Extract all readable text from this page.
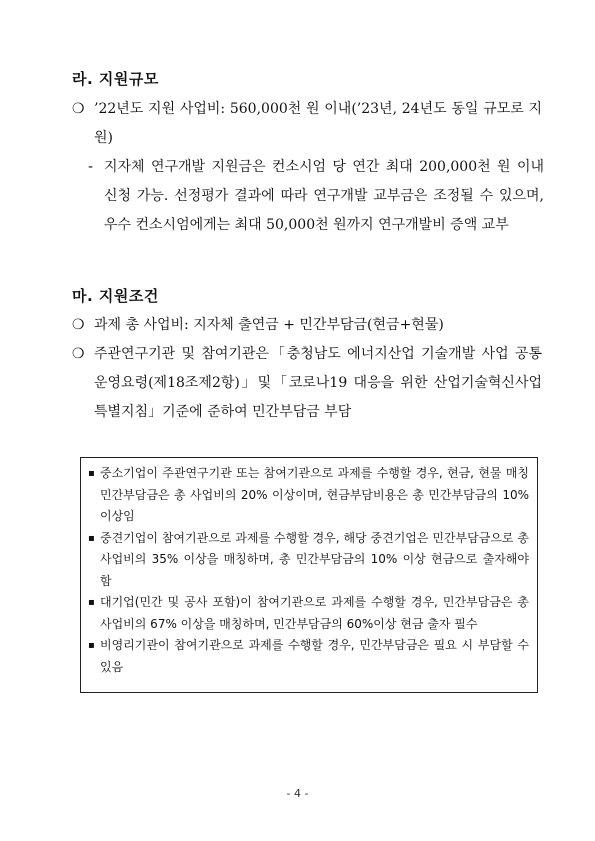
라. 지원규모
❍ ’22년도 지원 사업비: 560,000천 원 이내(’23년, 24년도 동일 규모로 지원)
- 지자체 연구개발 지원금은 컨소시엄 당 연간 최대 200,000천 원 이내 신청 가능. 선정평가 결과에 따라 연구개발 교부금은 조정될 수 있으며, 우수 컨소시엄에게는 최대 50,000천 원까지 연구개발비 증액 교부
마. 지원조건
❍ 과제 총 사업비: 지자체 출연금 + 민간부담금(현금+현물)
❍ 주관연구기관 및 참여기관은「충청남도 에너지산업 기술개발 사업 공통 운영요령(제18조제2항)」및「코로나19 대응을 위한 산업기술혁신사업 특별지침」기준에 준하여 민간부담금 부담
▪ 중소기업이 주관연구기관 또는 참여기관으로 과제를 수행할 경우, 현금, 현물 매칭 민간부담금은 총 사업비의 20% 이상이며, 현금부담비용은 총 민간부담금의 10% 이상임
▪ 중견기업이 참여기관으로 과제를 수행할 경우, 해당 중견기업은 민간부담금으로 총 사업비의 35% 이상을 매칭하며, 총 민간부담금의 10% 이상 현금으로 출자해야 함
▪ 대기업(민간 및 공사 포함)이 참여기관으로 과제를 수행할 경우, 민간부담금은 총 사업비의 67% 이상을 매칭하며, 민간부담금의 60%이상 현금 출자 필수
▪ 비영리기관이 참여기관으로 과제를 수행할 경우, 민간부담금은 필요 시 부담할 수 있음
- 4 -
